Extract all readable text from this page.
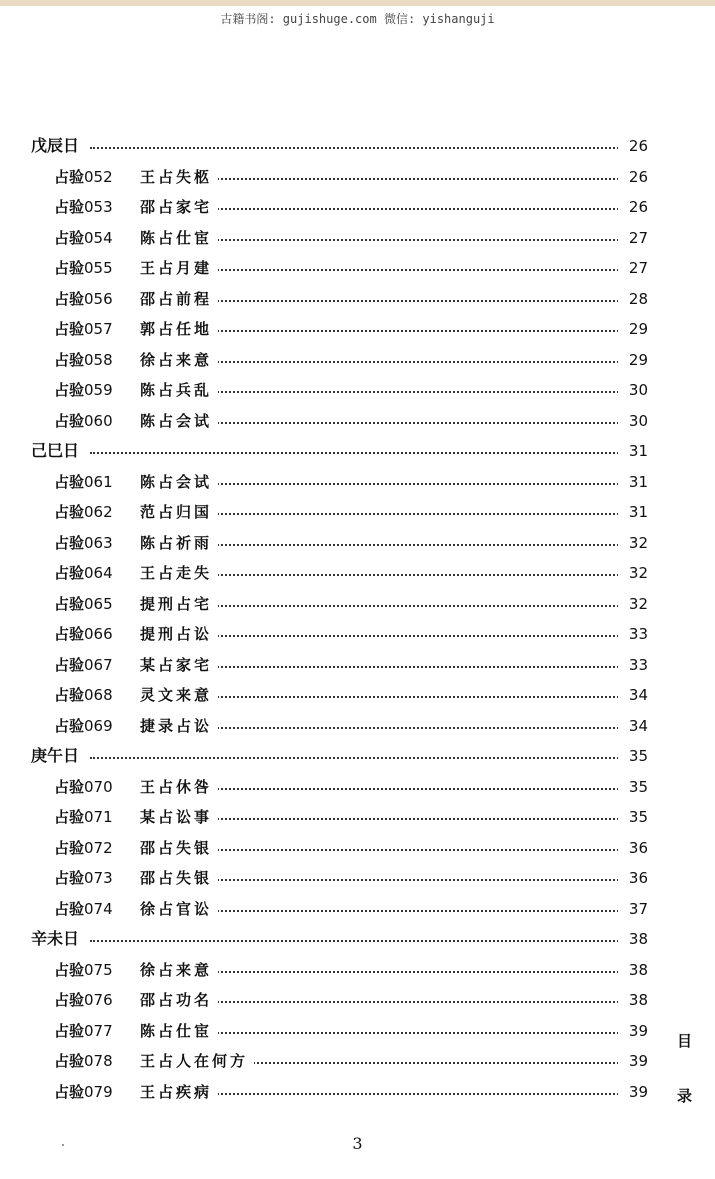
古籍书阁: gujishuge.com 微信: yishanguji
戊辰日	26
占验052 王占失柩	26
占验053 邵占家宅	26
占验054 陈占仕宦	27
占验055 王占月建	27
占验056 邵占前程	28
占验057 郭占任地	29
占验058 徐占来意	29
占验059 陈占兵乱	30
占验060 陈占会试	30
己巳日	31
占验061 陈占会试	31
占验062 范占归国	31
占验063 陈占祈雨	32
占验064 王占走失	32
占验065 提刑占宅	32
占验066 提刑占讼	33
占验067 某占家宅	33
占验068 灵文来意	34
占验069 捷录占讼	34
庚午日	35
占验070 王占休咎	35
占验071 某占讼事	35
占验072 邵占失银	36
占验073 邵占失银	36
占验074 徐占官讼	37
辛未日	38
占验075 徐占来意	38
占验076 邵占功名	38
占验077 陈占仕宦	39
占验078 王占人在何方	39
占验079 王占疾病	39
目
录
3
